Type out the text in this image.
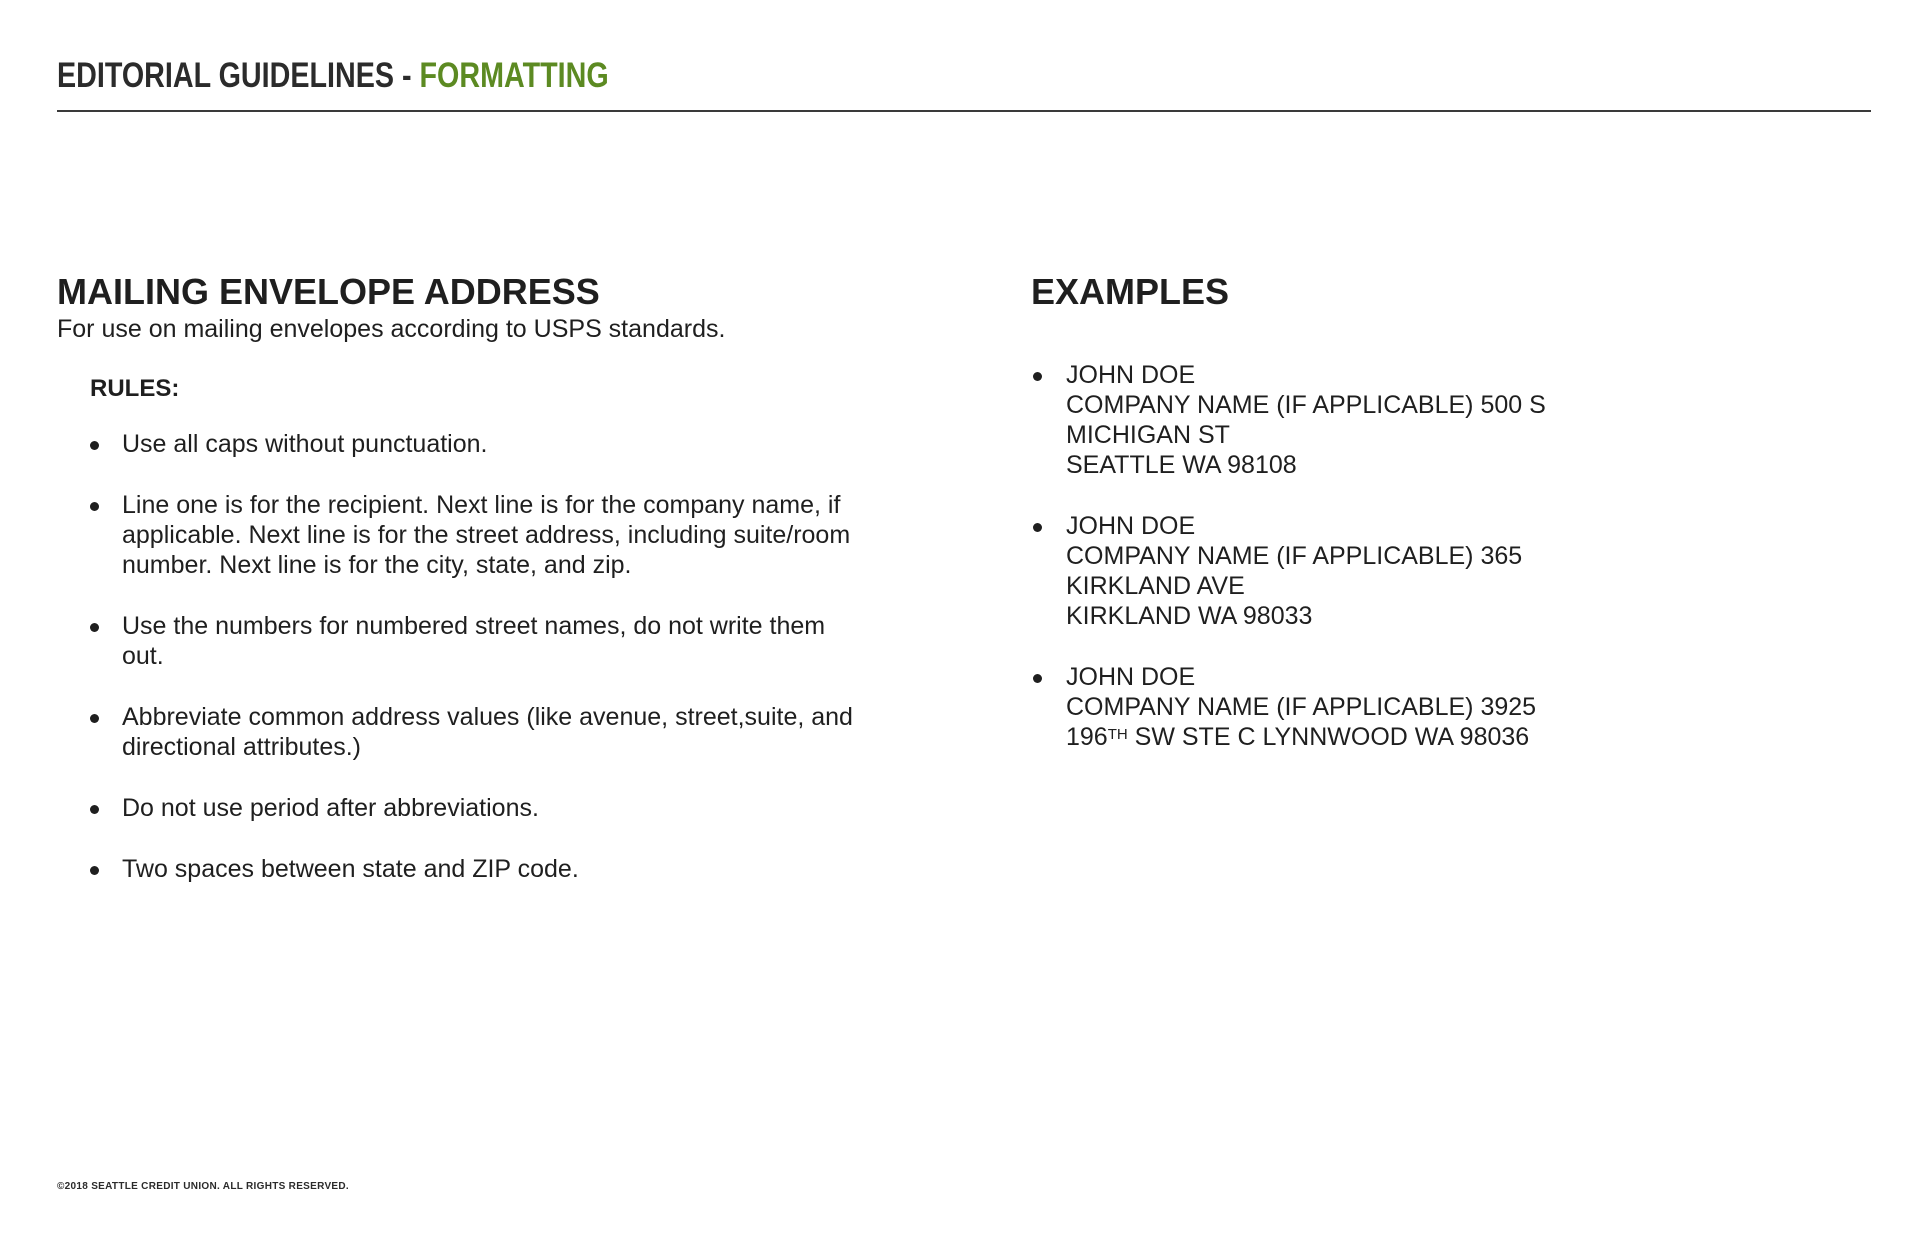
EDITORIAL GUIDELINES - FORMATTING
MAILING ENVELOPE ADDRESS

For use on mailing envelopes according to USPS standards.

RULES:
Use all caps without punctuation.
Line one is for the recipient. Next line is for the company name, if applicable. Next line is for the street address, including suite/room number. Next line is for the city, state, and zip.
Use the numbers for numbered street names, do not write them out.
Abbreviate common address values (like avenue, street,suite, and directional attributes.)
Do not use period after abbreviations.
Two spaces between state and ZIP code.
EXAMPLES
JOHN DOE
COMPANY NAME (IF APPLICABLE) 500 S
MICHIGAN ST
SEATTLE WA 98108
JOHN DOE
COMPANY NAME (IF APPLICABLE) 365
KIRKLAND AVE
KIRKLAND WA 98033
JOHN DOE
COMPANY NAME (IF APPLICABLE) 3925
196TH SW STE C LYNNWOOD WA 98036
©2018 SEATTLE CREDIT UNION. ALL RIGHTS RESERVED.
